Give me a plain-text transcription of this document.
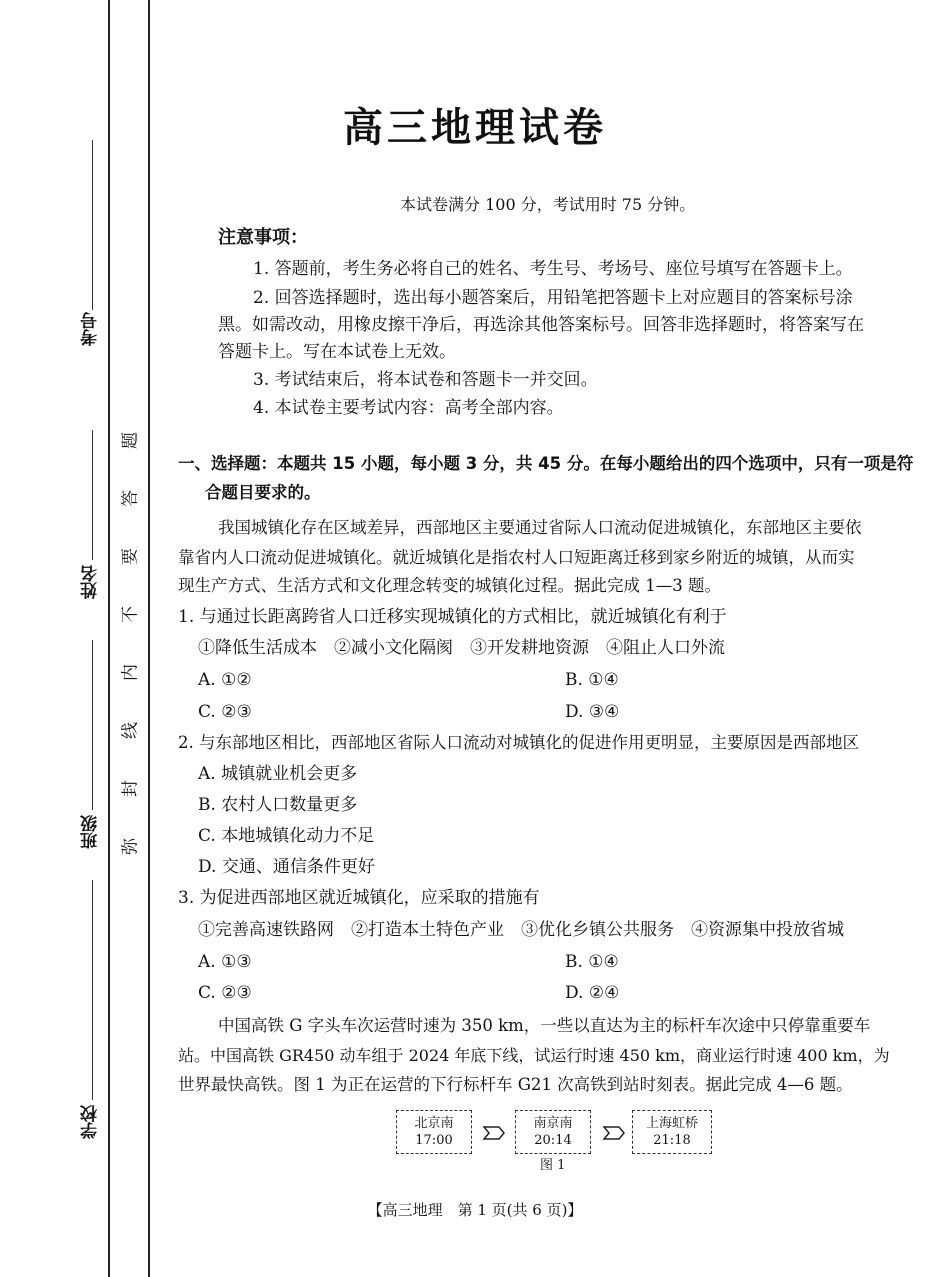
考号
姓名
班级
学校
题
答
要
不
内
线
封
弥
高三地理试卷
本试卷满分 100 分，考试用时 75 分钟。
注意事项：
1. 答题前，考生务必将自己的姓名、考生号、考场号、座位号填写在答题卡上。
2. 回答选择题时，选出每小题答案后，用铅笔把答题卡上对应题目的答案标号涂
黑。如需改动，用橡皮擦干净后，再选涂其他答案标号。回答非选择题时，将答案写在
答题卡上。写在本试卷上无效。
3. 考试结束后，将本试卷和答题卡一并交回。
4. 本试卷主要考试内容：高考全部内容。
一、选择题：本题共 15 小题，每小题 3 分，共 45 分。在每小题给出的四个选项中，只有一项是符
合题目要求的。
我国城镇化存在区域差异，西部地区主要通过省际人口流动促进城镇化，东部地区主要依
靠省内人口流动促进城镇化。就近城镇化是指农村人口短距离迁移到家乡附近的城镇，从而实
现生产方式、生活方式和文化理念转变的城镇化过程。据此完成 1—3 题。
1. 与通过长距离跨省人口迁移实现城镇化的方式相比，就近城镇化有利于
①降低生活成本　②减小文化隔阂　③开发耕地资源　④阻止人口外流
A. ①②	B. ①④
C. ②③	D. ③④
2. 与东部地区相比，西部地区省际人口流动对城镇化的促进作用更明显，主要原因是西部地区
A. 城镇就业机会更多
B. 农村人口数量更多
C. 本地城镇化动力不足
D. 交通、通信条件更好
3. 为促进西部地区就近城镇化，应采取的措施有
①完善高速铁路网　②打造本土特色产业　③优化乡镇公共服务　④资源集中投放省城
A. ①③	B. ①④
C. ②③	D. ②④
中国高铁 G 字头车次运营时速为 350 km，一些以直达为主的标杆车次途中只停靠重要车
站。中国高铁 GR450 动车组于 2024 年底下线，试运行时速 450 km，商业运行时速 400 km，为
世界最快高铁。图 1 为正在运营的下行标杆车 G21 次高铁到站时刻表。据此完成 4—6 题。
北京南
17:00
南京南
20:14
上海虹桥
21:18
图 1
【高三地理　第 1 页(共 6 页)】
